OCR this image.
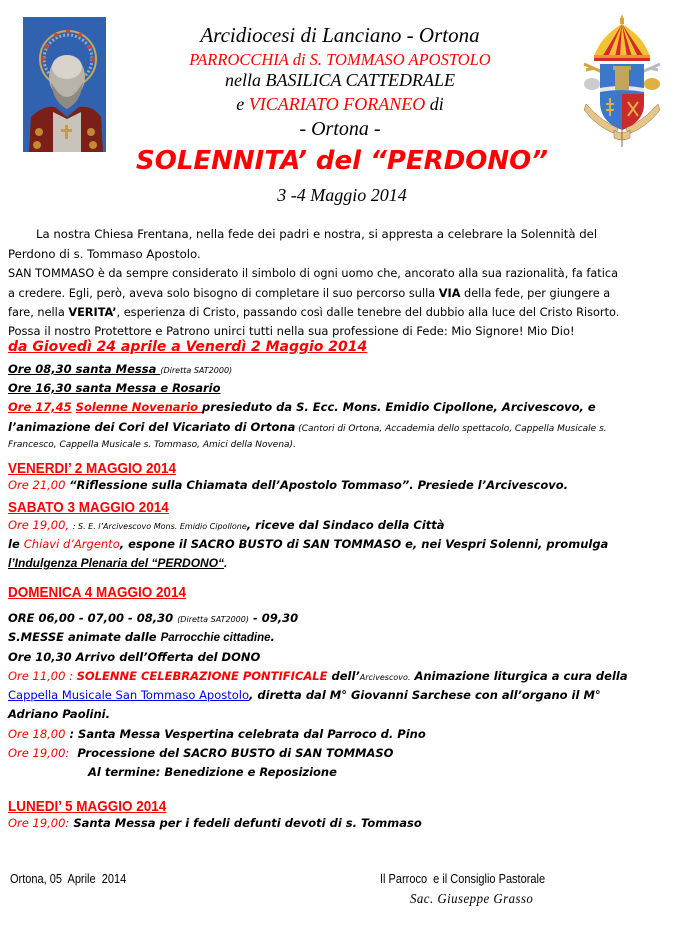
Arcidiocesi di Lanciano - Ortona
PARROCCHIA di S. TOMMASO APOSTOLO
nella BASILICA CATTEDRALE
e VICARIATO FORANEO di
- Ortona -
SOLENNITA’ del “PERDONO”
3 -4 Maggio 2014
La nostra Chiesa Frentana, nella fede dei padri e nostra, si appresta a celebrare la Solennità del
Perdono di s. Tommaso Apostolo.
SAN TOMMASO è da sempre considerato il simbolo di ogni uomo che, ancorato alla sua razionalità, fa fatica
a credere. Egli, però, aveva solo bisogno di completare il suo percorso sulla VIA della fede, per giungere a
fare, nella VERITA’, esperienza di Cristo, passando così dalle tenebre del dubbio alla luce del Cristo Risorto.
Possa il nostro Protettore e Patrono unirci tutti nella sua professione di Fede: Mio Signore! Mio Dio!
da Giovedì 24 aprile a Venerdì 2 Maggio 2014
Ore 08,30 santa Messa (Diretta SAT2000)
Ore 16,30 santa Messa e Rosario
Ore 17,45 Solenne Novenario presieduto da S. Ecc. Mons. Emidio Cipollone, Arcivescovo, e
l’animazione dei Cori del Vicariato di Ortona (Cantori di Ortona, Accademia dello spettacolo, Cappella Musicale s.
Francesco, Cappella Musicale s. Tommaso, Amici della Novena).
VENERDI’ 2 MAGGIO 2014
Ore 21,00 “Riflessione sulla Chiamata dell’Apostolo Tommaso”. Presiede l’Arcivescovo.
SABATO 3 MAGGIO 2014
Ore 19,00, : S. E. l’Arcivescovo Mons. Emidio Cipollone, riceve dal Sindaco della Città
le Chiavi d’Argento, espone il SACRO BUSTO di SAN TOMMASO e, nei Vespri Solenni, promulga
l’Indulgenza Plenaria del “PERDONO“.
DOMENICA 4 MAGGIO 2014
ORE 06,00 - 07,00 - 08,30 (Diretta SAT2000) - 09,30
S.MESSE animate dalle Parrocchie cittadine.
Ore 10,30 Arrivo dell’Offerta del DONO
Ore 11,00 : SOLENNE CELEBRAZIONE PONTIFICALE dell’Arcivescovo. Animazione liturgica a cura della
Cappella Musicale San Tommaso Apostolo, diretta dal M° Giovanni Sarchese con all’organo il M°
Adriano Paolini.
Ore 18,00 : Santa Messa Vespertina celebrata dal Parroco d. Pino
Ore 19,00:  Processione del SACRO BUSTO di SAN TOMMASO
Al termine: Benedizione e Reposizione
LUNEDI’ 5 MAGGIO 2014
Ore 19,00: Santa Messa per i fedeli defunti devoti di s. Tommaso
Ortona, 05  Aprile  2014	Il Parroco  e il Consiglio Pastorale
Sac. Giuseppe Grasso
